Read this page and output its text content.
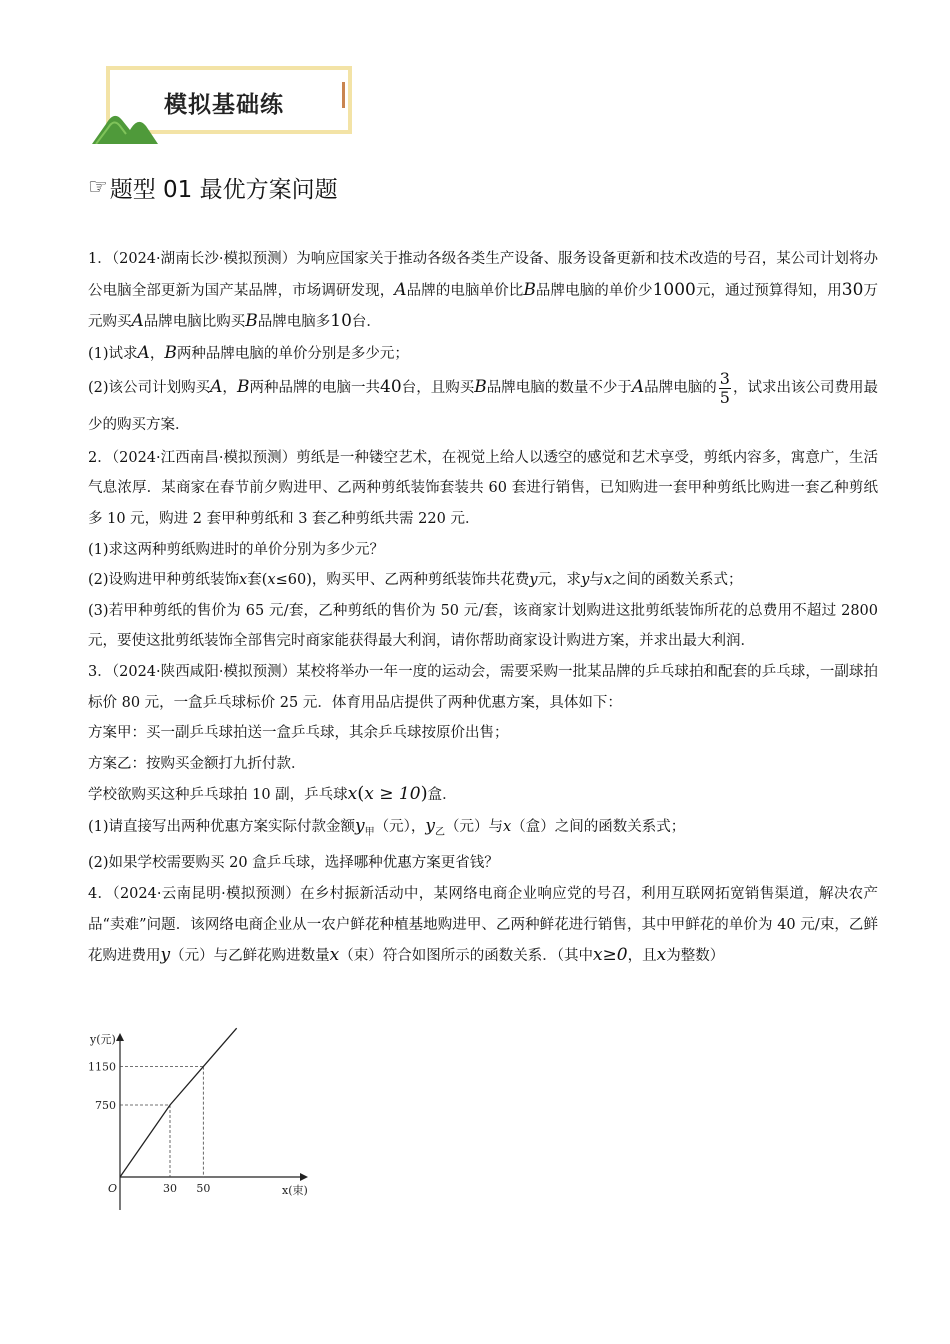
模拟基础练
☞ 题型 01 最优方案问题

1．（2024·湖南长沙·模拟预测）为响应国家关于推动各级各类生产设备、服务设备更新和技术改造的号召，某公司计划将办公电脑全部更新为国产某品牌，市场调研发现，A品牌的电脑单价比B品牌电脑的单价少1000元，通过预算得知，用30万元购买A品牌电脑比购买B品牌电脑多10台．

(1)试求A，B两种品牌电脑的单价分别是多少元；

(2)该公司计划购买A，B两种品牌的电脑一共40台，且购买B品牌电脑的数量不少于A品牌电脑的 $\frac{3}{5}$ ，试求出该公司费用最少的购买方案．

2．（2024·江西南昌·模拟预测）剪纸是一种镂空艺术，在视觉上给人以透空的感觉和艺术享受，剪纸内容多，寓意广，生活气息浓厚．某商家在春节前夕购进甲、乙两种剪纸装饰套装共 60 套进行销售，已知购进一套甲种剪纸比购进一套乙种剪纸多 10 元，购进 2 套甲种剪纸和 3 套乙种剪纸共需 220 元．

(1)求这两种剪纸购进时的单价分别为多少元？

(2)设购进甲种剪纸装饰x套(x≤60)，购买甲、乙两种剪纸装饰共花费y元，求y与x之间的函数关系式；

(3)若甲种剪纸的售价为 65 元/套，乙种剪纸的售价为 50 元/套，该商家计划购进这批剪纸装饰所花的总费用不超过 2800 元，要使这批剪纸装饰全部售完时商家能获得最大利润，请你帮助商家设计购进方案，并求出最大利润．

3．（2024·陕西咸阳·模拟预测）某校将举办一年一度的运动会，需要采购一批某品牌的乒乓球拍和配套的乒乓球，一副球拍标价 80 元，一盒乒乓球标价 25 元．体育用品店提供了两种优惠方案，具体如下：

方案甲：买一副乒乓球拍送一盒乒乓球，其余乒乓球按原价出售；

方案乙：按购买金额打九折付款．

学校欲购买这种乒乓球拍 10 副，乒乓球x(x ≥ 10)盒．

(1)请直接写出两种优惠方案实际付款金额$y_甲$（元），$y_乙$（元）与x（盒）之间的函数关系式；

(2)如果学校需要购买 20 盒乒乓球，选择哪种优惠方案更省钱？

4．（2024·云南昆明·模拟预测）在乡村振新活动中，某网络电商企业响应党的号召，利用互联网拓宽销售渠道，解决农产品“卖难”问题．该网络电商企业从一农户鲜花种植基地购进甲、乙两种鲜花进行销售，其中甲鲜花的单价为 40 元/束，乙鲜花购进费用y（元）与乙鲜花购进数量x（束）符合如图所示的函数关系．（其中x≥0，且x为整数）

30 50
750
1150
O	x(束)
y(元)
